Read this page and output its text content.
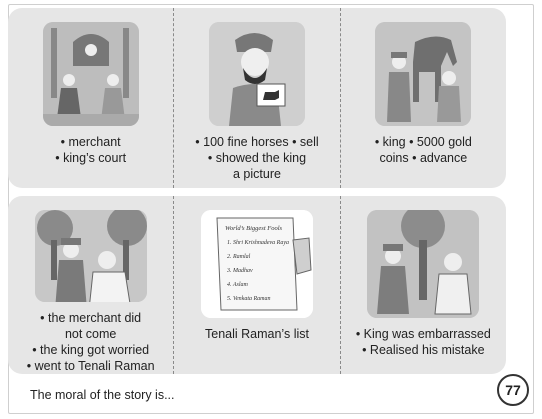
• merchant
• king’s court
• 100 fine horses • sell
• showed the king
a picture
• king • 5000 gold
coins • advance
• the merchant did
not come
• the king got worried
• went to Tenali Raman
World’s Biggest Fools
1. Shri Krishnadeva Raya
2. Ramlal
3. Madhav
4. Aslam
5. Venkata Raman
Tenali Raman’s list	• King was embarrassed
• Realised his mistake
The moral of the story is...	77
